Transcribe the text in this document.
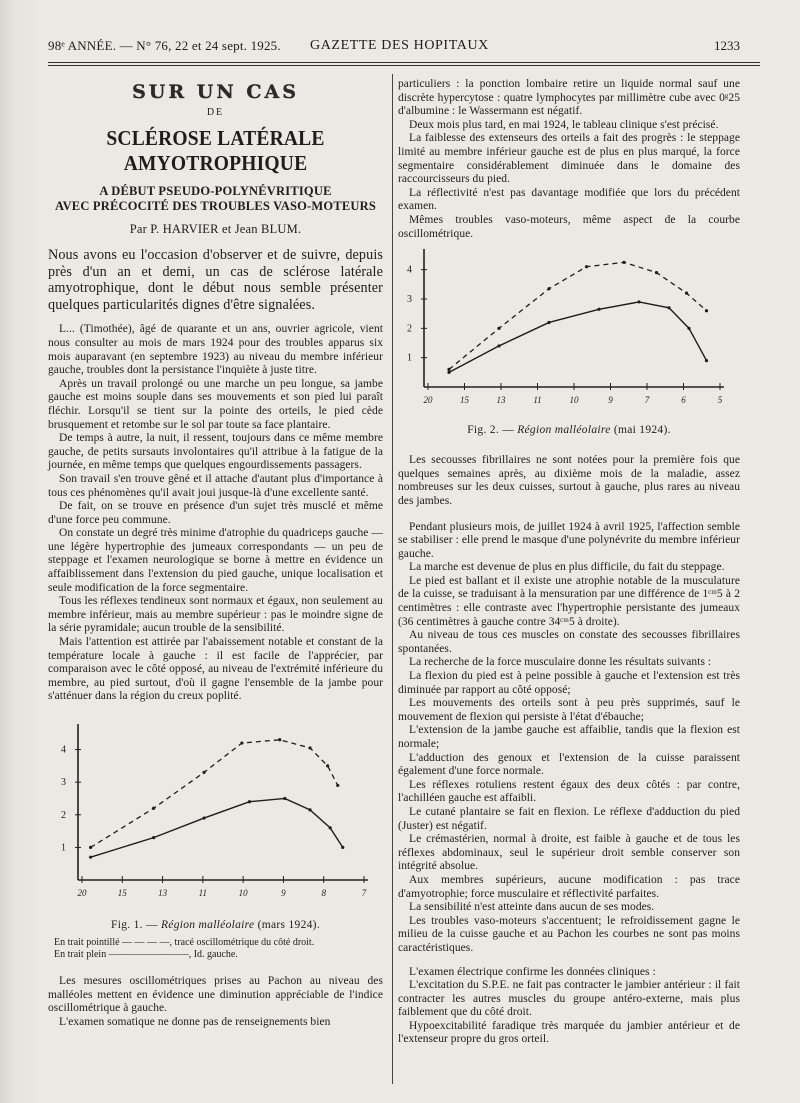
98ᵉ ANNÉE. — N° 76, 22 et 24 sept. 1925. GAZETTE DES HOPITAUX	1233
SUR UN CAS
DE
SCLÉROSE LATÉRALE AMYOTROPHIQUE
A DÉBUT PSEUDO-POLYNÉVRITIQUE
AVEC PRÉCOCITÉ DES TROUBLES VASO-MOTEURS
Par P. HARVIER et Jean BLUM.
Nous avons eu l'occasion d'observer et de suivre, depuis près d'un an et demi, un cas de sclérose latérale amyotrophique, dont le début nous semble présenter quelques particularités dignes d'être signalées.

L... (Timothée), âgé de quarante et un ans, ouvrier agricole, vient nous consulter au mois de mars 1924 pour des troubles apparus six mois auparavant (en septembre 1923) au niveau du membre inférieur gauche, troubles dont la persistance l'inquiète à juste titre.

Après un travail prolongé ou une marche un peu longue, sa jambe gauche est moins souple dans ses mouvements et son pied lui paraît fléchir. Lorsqu'il se tient sur la pointe des orteils, le pied cède brusquement et retombe sur le sol par toute sa face plantaire.

De temps à autre, la nuit, il ressent, toujours dans ce même membre gauche, de petits sursauts involontaires qu'il attribue à la fatigue de la journée, en même temps que quelques engourdissements passagers.

Son travail s'en trouve gêné et il attache d'autant plus d'importance à tous ces phénomènes qu'il avait joui jusque-là d'une excellente santé.

De fait, on se trouve en présence d'un sujet très musclé et même d'une force peu commune.

On constate un degré très minime d'atrophie du quadriceps gauche — une légère hypertrophie des jumeaux correspondants — un peu de steppage et l'examen neurologique se borne à mettre en évidence un affaiblissement dans l'extension du pied gauche, unique localisation et seule modification de la force segmentaire.

Tous les réflexes tendineux sont normaux et égaux, non seulement au membre inférieur, mais au membre supérieur : pas le moindre signe de la série pyramidale; aucun trouble de la sensibilité.

Mais l'attention est attirée par l'abaissement notable et constant de la température locale à gauche : il est facile de l'apprécier, par comparaison avec le côté opposé, au niveau de l'extrémité inférieure du membre, au pied surtout, d'où il gagne l'ensemble de la jambe pour s'atténuer dans la région du creux poplité.

1
2
3
4
20	15	13	11	10	9	8	7
Fig. 1. — Région malléolaire (mars 1924).
En trait pointillé — — — —, tracé oscillométrique du côté droit.
En trait plein ————————, Id. gauche.

Les mesures oscillométriques prises au Pachon au niveau des malléoles mettent en évidence une diminution appréciable de l'indice oscillométrique à gauche.

L'examen somatique ne donne pas de renseignements bien

particuliers : la ponction lombaire retire un liquide normal sauf une discrète hypercytose : quatre lymphocytes par millimètre cube avec 0ᵍ25 d'albumine : le Wassermann est négatif.

Deux mois plus tard, en mai 1924, le tableau clinique s'est précisé.

La faiblesse des extenseurs des orteils a fait des progrès : le steppage limité au membre inférieur gauche est de plus en plus marqué, la force segmentaire considérablement diminuée dans le domaine des raccourcisseurs du pied.

La réflectivité n'est pas davantage modifiée que lors du précédent examen.

Mêmes troubles vaso-moteurs, même aspect de la courbe oscillométrique.

1
2
3
4
20	15	13	11	10	9	7	6	5
Fig. 2. — Région malléolaire (mai 1924).

Les secousses fibrillaires ne sont notées pour la première fois que quelques semaines après, au dixième mois de la maladie, assez nombreuses sur les deux cuisses, surtout à gauche, plus rares au niveau des jambes.

Pendant plusieurs mois, de juillet 1924 à avril 1925, l'affection semble se stabiliser : elle prend le masque d'une polynévrite du membre inférieur gauche.

La marche est devenue de plus en plus difficile, du fait du steppage.

Le pied est ballant et il existe une atrophie notable de la musculature de la cuisse, se traduisant à la mensuration par une différence de 1ᶜᵐ5 à 2 centimètres : elle contraste avec l'hypertrophie persistante des jumeaux (36 centimètres à gauche contre 34ᶜᵐ5 à droite).

Au niveau de tous ces muscles on constate des secousses fibrillaires spontanées.

La recherche de la force musculaire donne les résultats suivants :

La flexion du pied est à peine possible à gauche et l'extension est très diminuée par rapport au côté opposé;

Les mouvements des orteils sont à peu près supprimés, sauf le mouvement de flexion qui persiste à l'état d'ébauche;

L'extension de la jambe gauche est affaiblie, tandis que la flexion est normale;

L'adduction des genoux et l'extension de la cuisse paraissent également d'une force normale.

Les réflexes rotuliens restent égaux des deux côtés : par contre, l'achilléen gauche est affaibli.

Le cutané plantaire se fait en flexion. Le réflexe d'adduction du pied (Juster) est négatif.

Le crémastérien, normal à droite, est faible à gauche et de tous les réflexes abdominaux, seul le supérieur droit semble conserver son intégrité absolue.

Aux membres supérieurs, aucune modification : pas trace d'amyotrophie; force musculaire et réflectivité parfaites.

La sensibilité n'est atteinte dans aucun de ses modes.

Les troubles vaso-moteurs s'accentuent; le refroidissement gagne le milieu de la cuisse gauche et au Pachon les courbes ne sont pas moins caractéristiques.

L'examen électrique confirme les données cliniques :

L'excitation du S.P.E. ne fait pas contracter le jambier antérieur : il fait contracter les autres muscles du groupe antéro-externe, mais plus faiblement que du côté droit.

Hypoexcitabilité faradique très marquée du jambier antérieur et de l'extenseur propre du gros orteil.
